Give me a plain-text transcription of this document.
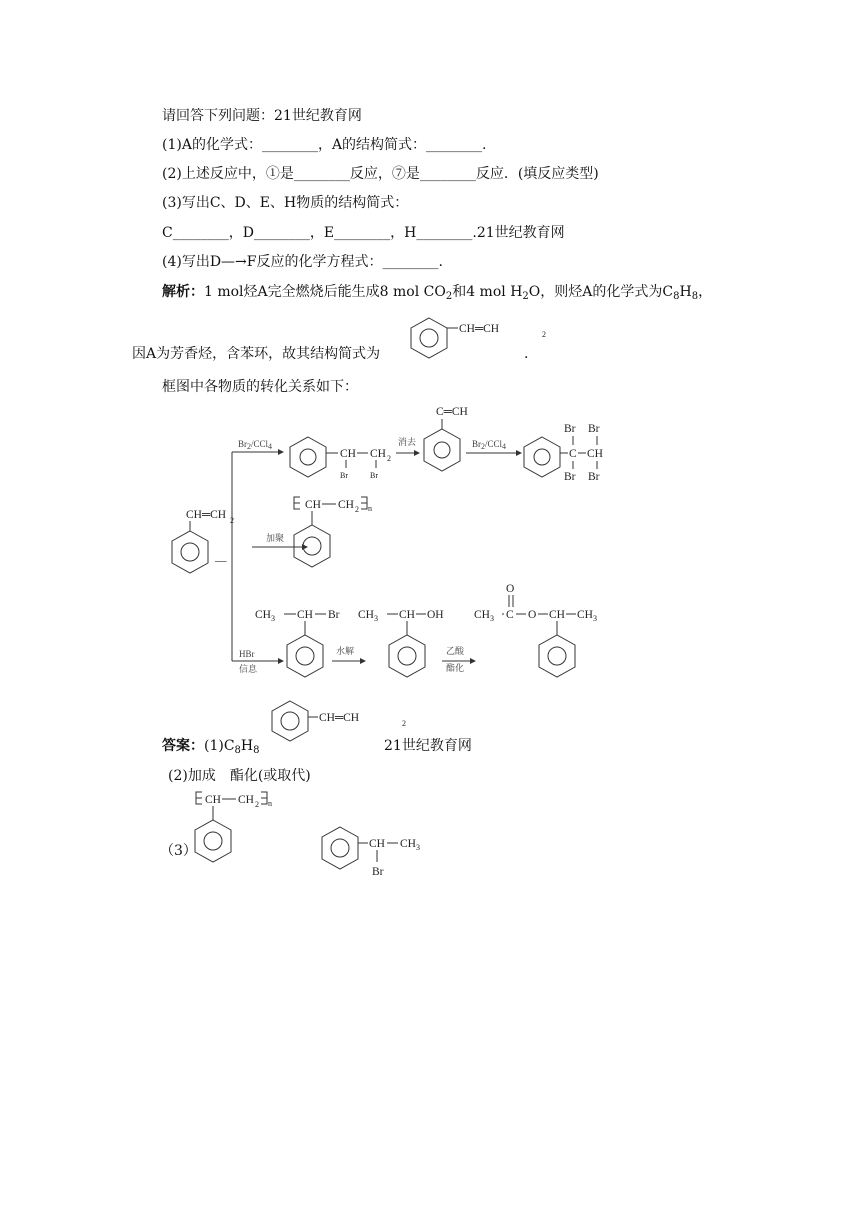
请回答下列问题：21世纪教育网
(1)A的化学式：________，A的结构简式：________.
(2)上述反应中，①是________反应，⑦是________反应．(填反应类型)
(3)写出C、D、E、H物质的结构简式：
C________，D________，E________，H________.21世纪教育网
(4)写出D—→F反应的化学方程式：________.
解析：1 mol烃A完全燃烧后能生成8 mol $CO_2$和4 mol $H_2O$，则烃A的化学式为$C_8H_8$，
因A为芳香烃，含苯环，故其结构简式为	.
框图中各物质的转化关系如下：
答案：$(1)C_8H_8$	21世纪教育网
(2)加成　酯化(或取代)
（3）
CH═CH	2
CH═CH 2
—
Br2/CCl4
CH CH 2
Br	Br
消去
C═CH
Br2/CCl4
C CH
Br Br
Br Br
加聚
CH CH 2 n
HBr
信息
$CH_3$ CH Br
水解
$CH_3$ CH OH
乙酸
酯化
$CH_3$ C
O
O CH $CH_3$
CH═CH	2
CH CH 2 n
CH $CH_3$
Br
